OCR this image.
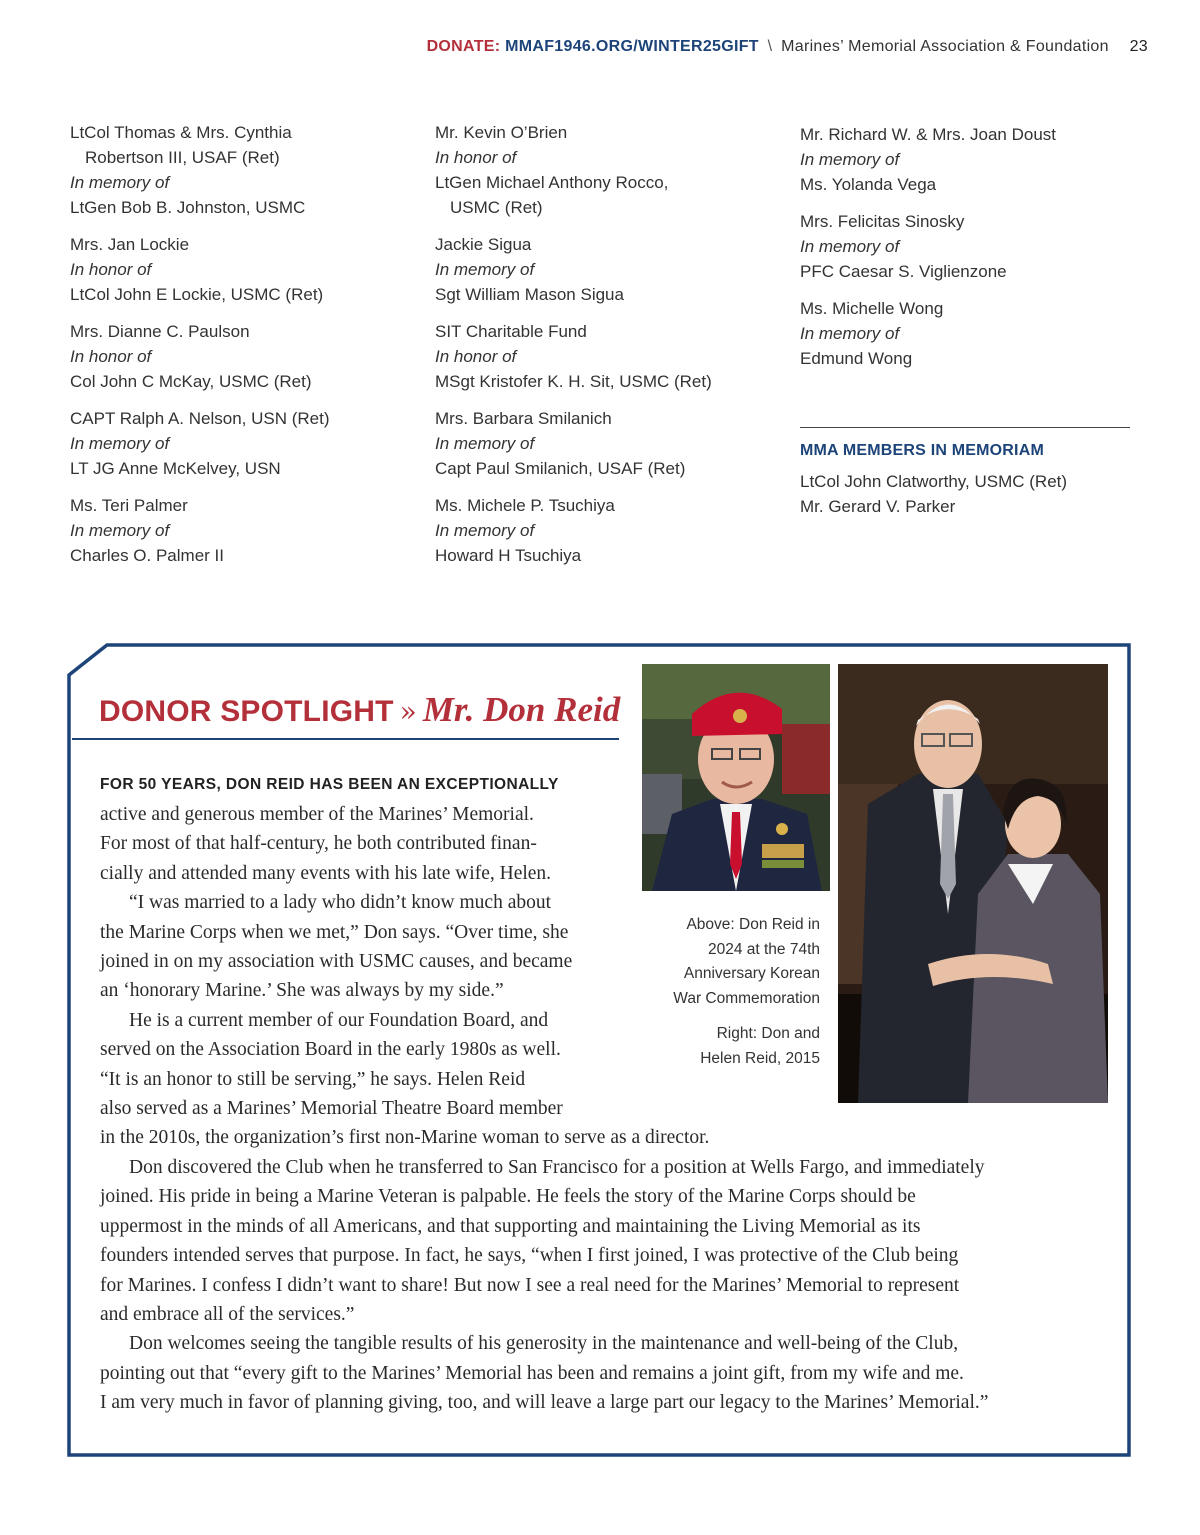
DONATE: MMAF1946.ORG/WINTER25GIFT \ Marines’ Memorial Association & Foundation 23
LtCol Thomas & Mrs. Cynthia
Robertson III, USAF (Ret)
In memory of
LtGen Bob B. Johnston, USMC
Mrs. Jan Lockie
In honor of
LtCol John E Lockie, USMC (Ret)
Mrs. Dianne C. Paulson
In honor of
Col John C McKay, USMC (Ret)
CAPT Ralph A. Nelson, USN (Ret)
In memory of
LT JG Anne McKelvey, USN
Ms. Teri Palmer
In memory of
Charles O. Palmer II
Mr. Kevin O’Brien
In honor of
LtGen Michael Anthony Rocco,
USMC (Ret)
Jackie Sigua
In memory of
Sgt William Mason Sigua
SIT Charitable Fund
In honor of
MSgt Kristofer K. H. Sit, USMC (Ret)
Mrs. Barbara Smilanich
In memory of
Capt Paul Smilanich, USAF (Ret)
Ms. Michele P. Tsuchiya
In memory of
Howard H Tsuchiya
Mr. Richard W. & Mrs. Joan Doust
In memory of
Ms. Yolanda Vega
Mrs. Felicitas Sinosky
In memory of
PFC Caesar S. Viglienzone
Ms. Michelle Wong
In memory of
Edmund Wong
MMA MEMBERS IN MEMORIAM
LtCol John Clatworthy, USMC (Ret)
Mr. Gerard V. Parker
DONOR SPOTLIGHT » Mr. Don Reid
FOR 50 YEARS, DON REID HAS BEEN AN EXCEPTIONALLY
active and generous member of the Marines’ Memorial.
For most of that half-century, he both contributed finan-
cially and attended many events with his late wife, Helen.
“I was married to a lady who didn’t know much about
the Marine Corps when we met,” Don says. “Over time, she
joined in on my association with USMC causes, and became
an ‘honorary Marine.’ She was always by my side.”
He is a current member of our Foundation Board, and
served on the Association Board in the early 1980s as well.
“It is an honor to still be serving,” he says. Helen Reid
also served as a Marines’ Memorial Theatre Board member
in the 2010s, the organization’s first non-Marine woman to serve as a director.
Don discovered the Club when he transferred to San Francisco for a position at Wells Fargo, and immediately
joined. His pride in being a Marine Veteran is palpable. He feels the story of the Marine Corps should be
uppermost in the minds of all Americans, and that supporting and maintaining the Living Memorial as its
founders intended serves that purpose. In fact, he says, “when I first joined, I was protective of the Club being
for Marines. I confess I didn’t want to share! But now I see a real need for the Marines’ Memorial to represent
and embrace all of the services.”
Don welcomes seeing the tangible results of his generosity in the maintenance and well-being of the Club,
pointing out that “every gift to the Marines’ Memorial has been and remains a joint gift, from my wife and me.
I am very much in favor of planning giving, too, and will leave a large part our legacy to the Marines’ Memorial.”
Above: Don Reid in
2024 at the 74th
Anniversary Korean
War Commemoration
Right: Don and
Helen Reid, 2015
